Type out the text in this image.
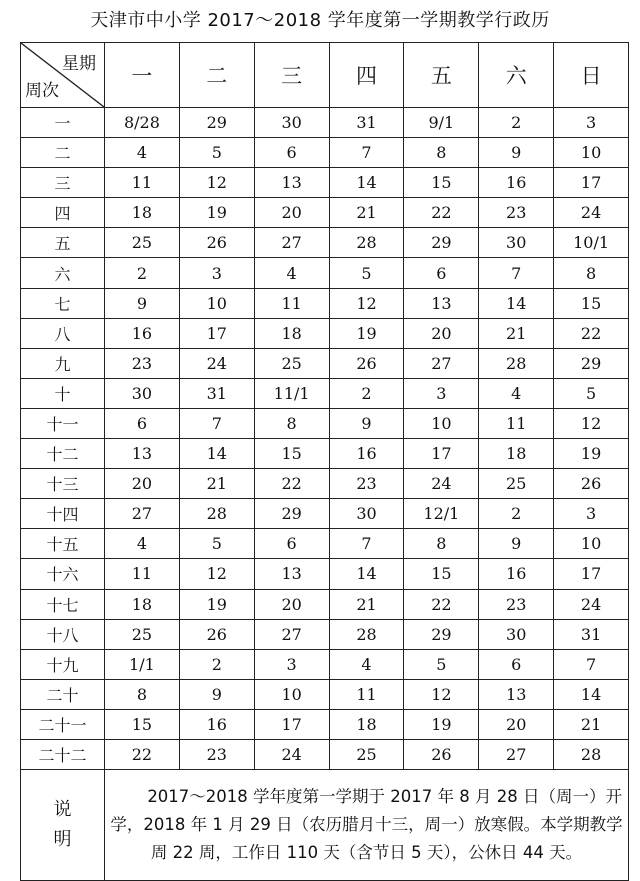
天津市中小学 2017～2018 学年度第一学期教学行政历
星期
周次	一	二	三	四	五	六	日
一	8/28	29	30	31	9/1	2	3
二	4	5	6	7	8	9	10
三	11	12	13	14	15	16	17
四	18	19	20	21	22	23	24
五	25	26	27	28	29	30	10/1
六	2	3	4	5	6	7	8
七	9	10	11	12	13	14	15
八	16	17	18	19	20	21	22
九	23	24	25	26	27	28	29
十	30	31	11/1	2	3	4	5
十一	6	7	8	9	10	11	12
十二	13	14	15	16	17	18	19
十三	20	21	22	23	24	25	26
十四	27	28	29	30	12/1	2	3
十五	4	5	6	7	8	9	10
十六	11	12	13	14	15	16	17
十七	18	19	20	21	22	23	24
十八	25	26	27	28	29	30	31
十九	1/1	2	3	4	5	6	7
二十	8	9	10	11	12	13	14
二十一	15	16	17	18	19	20	21
二十二	22	23	24	25	26	27	28
说
明	2017～2018 学年度第一学期于 2017 年 8 月 28 日（周一）开学，2018 年 1 月 29 日（农历腊月十三，周一）放寒假。本学期教学周 22 周，工作日 110 天（含节日 5 天），公休日 44 天。						
